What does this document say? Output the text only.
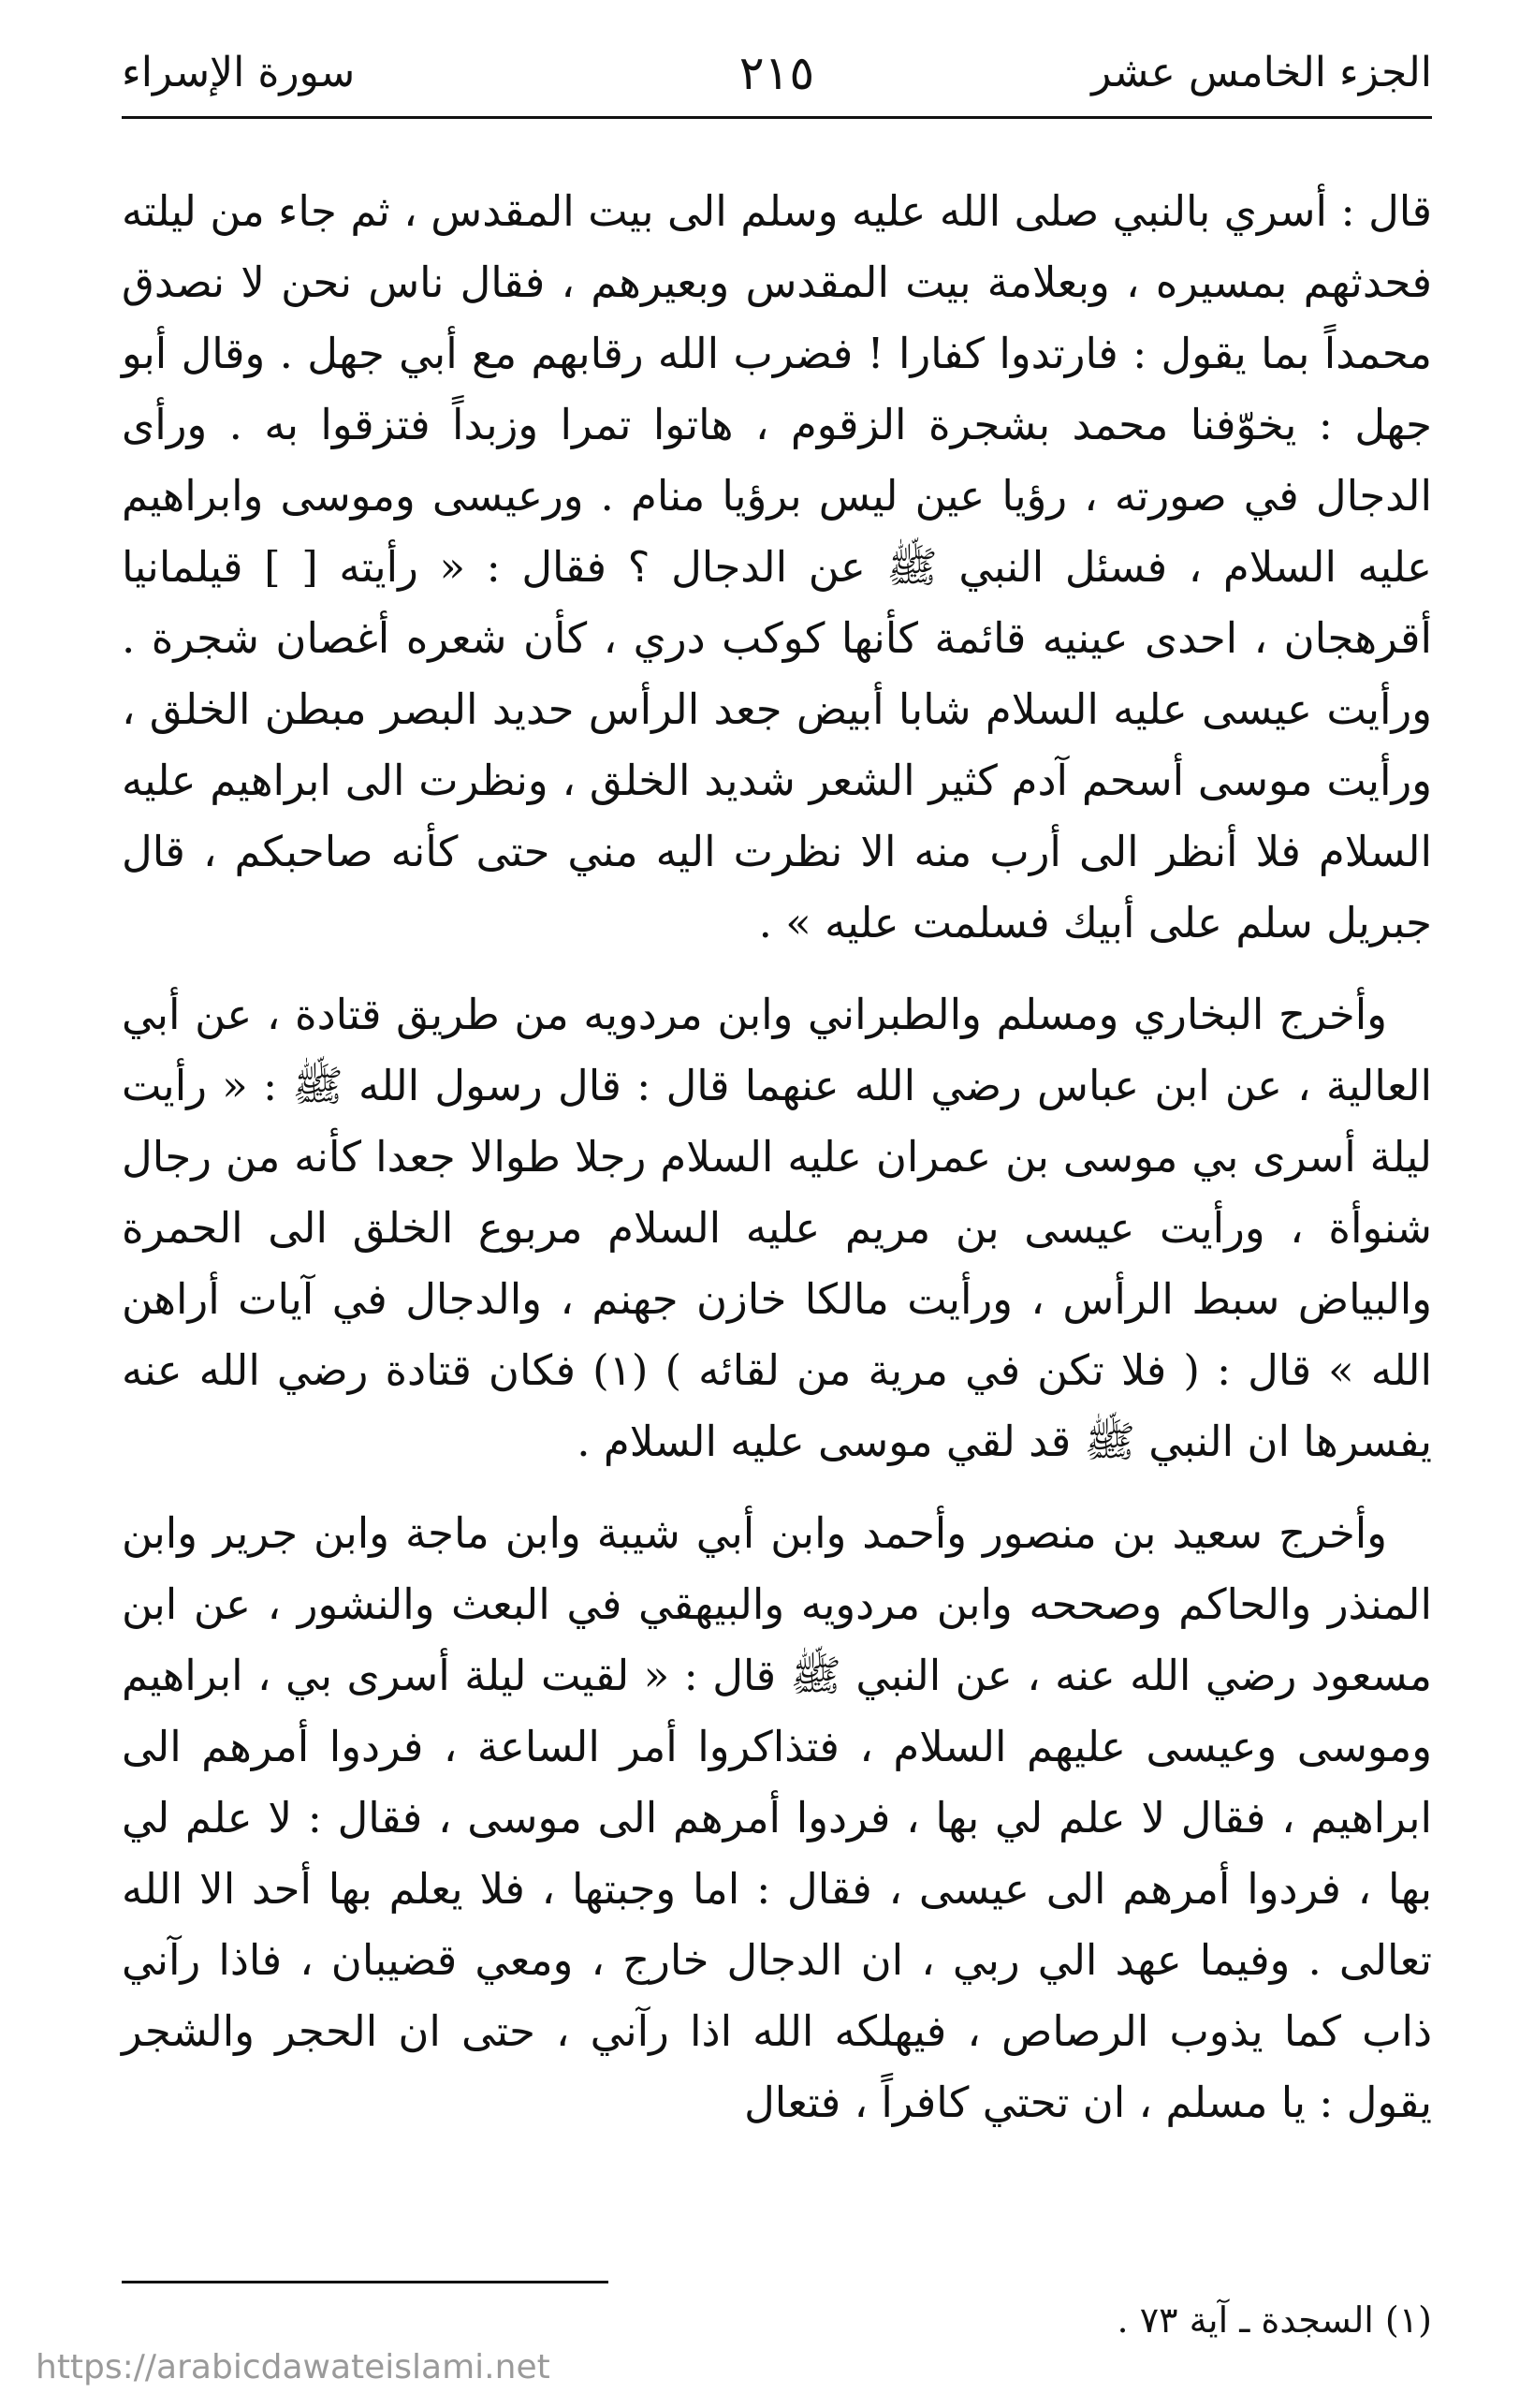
الجزء الخامس عشر
٢١٥
سورة الإسراء

قال : أسري بالنبي صلى الله عليه وسلم الى بيت المقدس ، ثم جاء من ليلته فحدثهم بمسيره ، وبعلامة بيت المقدس وبعيرهم ، فقال ناس نحن لا نصدق محمداً بما يقول : فارتدوا كفارا ! فضرب الله رقابهم مع أبي جهل . وقال أبو جهل : يخوّفنا محمد بشجرة الزقوم ، هاتوا تمرا وزبداً فتزقوا به . ورأى الدجال في صورته ، رؤيا عين ليس برؤيا منام . ورعيسى وموسى وابراهيم عليه السلام ، فسئل النبي ﷺ عن الدجال ؟ فقال : « رأيته [ ] قيلمانيا أقرهجان ، احدى عينيه قائمة كأنها كوكب دري ، كأن شعره أغصان شجرة . ورأيت عيسى عليه السلام شابا أبيض جعد الرأس حديد البصر مبطن الخلق ، ورأيت موسى أسحم آدم كثير الشعر شديد الخلق ، ونظرت الى ابراهيم عليه السلام فلا أنظر الى أرب منه الا نظرت اليه مني حتى كأنه صاحبكم ، قال جبريل سلم على أبيك فسلمت عليه » .

وأخرج البخاري ومسلم والطبراني وابن مردويه من طريق قتادة ، عن أبي العالية ، عن ابن عباس رضي الله عنهما قال : قال رسول الله ﷺ : « رأيت ليلة أسرى بي موسى بن عمران عليه السلام رجلا طوالا جعدا كأنه من رجال شنوأة ، ورأيت عيسى بن مريم عليه السلام مربوع الخلق الى الحمرة والبياض سبط الرأس ، ورأيت مالكا خازن جهنم ، والدجال في آيات أراهن الله » قال : ( فلا تكن في مرية من لقائه ) (١) فكان قتادة رضي الله عنه يفسرها ان النبي ﷺ قد لقي موسى عليه السلام .

وأخرج سعيد بن منصور وأحمد وابن أبي شيبة وابن ماجة وابن جرير وابن المنذر والحاكم وصححه وابن مردويه والبيهقي في البعث والنشور ، عن ابن مسعود رضي الله عنه ، عن النبي ﷺ قال : « لقيت ليلة أسرى بي ، ابراهيم وموسى وعيسى عليهم السلام ، فتذاكروا أمر الساعة ، فردوا أمرهم الى ابراهيم ، فقال لا علم لي بها ، فردوا أمرهم الى موسى ، فقال : لا علم لي بها ، فردوا أمرهم الى عيسى ، فقال : اما وجبتها ، فلا يعلم بها أحد الا الله تعالى . وفيما عهد الي ربي ، ان الدجال خارج ، ومعي قضيبان ، فاذا رآني ذاب كما يذوب الرصاص ، فيهلكه الله اذا رآني ، حتى ان الحجر والشجر يقول : يا مسلم ، ان تحتي كافراً ، فتعال

(١) السجدة ـ آية ٧٣ .
https://arabicdawateislami.net
